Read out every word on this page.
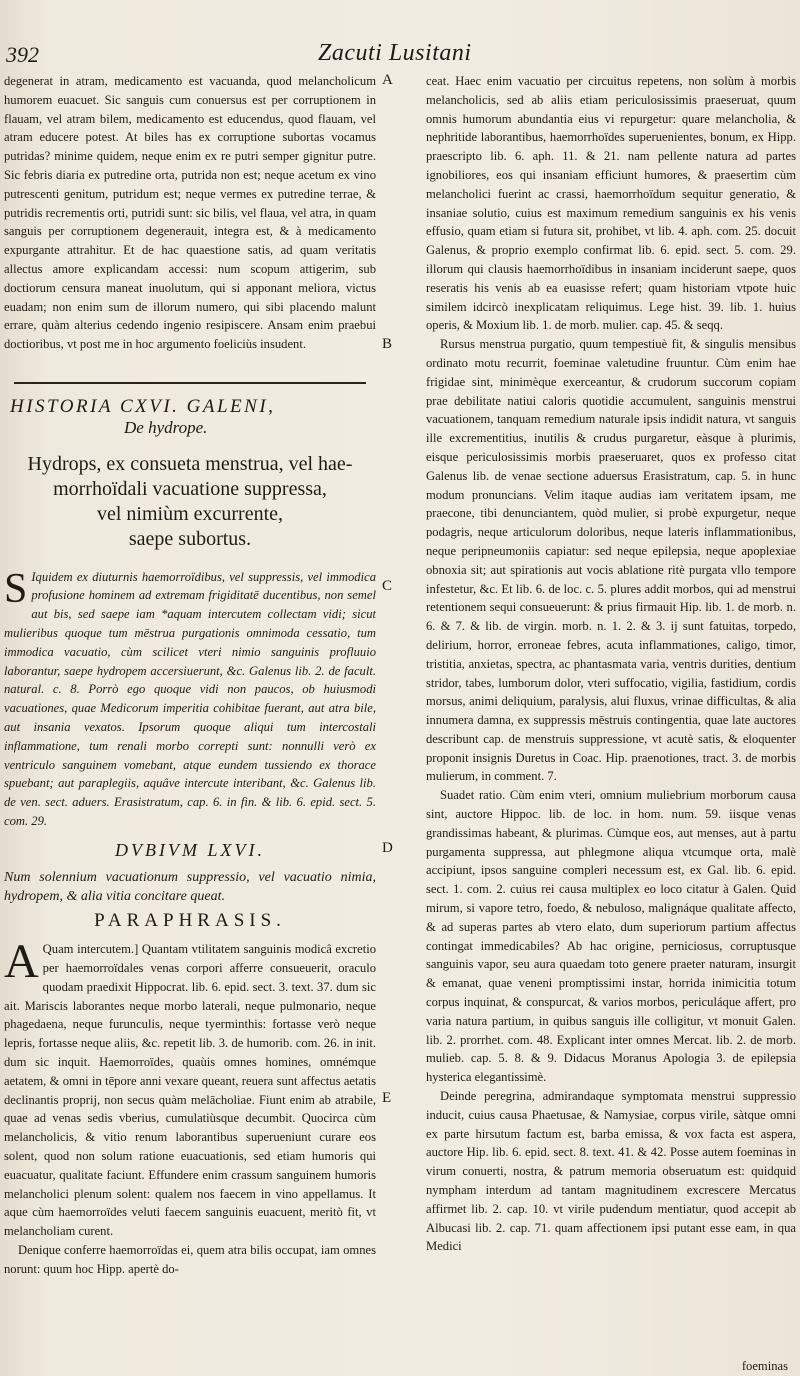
392	Zacuti Lusitani
A
B
C
D
E

degenerat in atram, medicamento est vacuanda, quod melancholicum humorem euacuet. Sic sanguis cum conuersus est per corruptionem in flauam, vel atram bilem, medicamento est educendus, quod flauam, vel atram educere potest. At biles has ex corruptione subortas vocamus putridas? minime quidem, neque enim ex re putri semper gignitur putre. Sic febris diaria ex putredine orta, putrida non est; neque acetum ex vino putrescenti genitum, putridum est; neque vermes ex putredine terrae, & putridis recrementis orti, putridi sunt: sic bilis, vel flaua, vel atra, in quam sanguis per corruptionem degenerauit, integra est, & à medicamento expurgante attrahitur. Et de hac quaestione satis, ad quam veritatis allectus amore explicandam accessi: num scopum attigerim, sub doctiorum censura maneat inuolutum, qui si apponant meliora, victus euadam; non enim sum de illorum numero, qui sibi placendo malunt errare, quàm alterius cedendo ingenio resipiscere. Ansam enim praebui doctioribus, vt post me in hoc argumento foeliciùs insudent.

HISTORIA CXVI. GALENI,
De hydrope.
Hydrops, ex consueta menstrua, vel hae-
morrhoïdali vacuatione suppressa,
vel nimiùm excurrente,
saepe subortus.
S Iquidem ex diuturnis haemorroïdibus, vel suppressis, vel immodica profusione hominem ad extremam frigiditatē ducentibus, non semel aut bis, sed saepe iam *aquam intercutem collectam vidi; sicut mulieribus quoque tum mēstrua purgationis omnimoda cessatio, tum immodica vacuatio, cùm scilicet vteri nimio sanguinis profluuio laborantur, saepe hydropem accersiuerunt, &c. Galenus lib. 2. de facult. natural. c. 8. Porrò ego quoque vidi non paucos, ob huiusmodi vacuationes, quae Medicorum imperitia cohibitae fuerant, aut atra bile, aut insania vexatos. Ipsorum quoque aliqui tum intercostali inflammatione, tum renali morbo correpti sunt: nonnulli verò ex ventriculo sanguinem vomebant, atque eundem tussiendo ex thorace spuebant; aut paraplegiis, aquâve intercute interibant, &c. Galenus lib. de ven. sect. aduers. Erasistratum, cap. 6. in fin. & lib. 6. epid. sect. 5. com. 29.

DVBIVM LXVI.

Num solennium vacuationum suppressio, vel vacuatio nimia, hydropem, & alia vitia concitare queat.

PARAPHRASIS.
A Quam intercutem.] Quantam vtilitatem sanguinis modicâ excretio per haemorroïdales venas corpori afferre consueuerit, oraculo quodam praedixit Hippocrat. lib. 6. epid. sect. 3. text. 37. dum sic ait. Mariscis laborantes neque morbo laterali, neque pulmonario, neque phagedaena, neque furunculis, neque tyerminthis: fortasse verò neque lepris, fortasse neque aliis, &c. repetit lib. 3. de humorib. com. 26. in init. dum sic inquit. Haemorroïdes, quaùis omnes homines, omnémque aetatem, & omni in tēpore anni vexare queant, reuera sunt affectus aetatis declinantis proprij, non secus quàm melācholiae. Fiunt enim ab atrabile, quae ad venas sedis vberius, cumulatiùsque decumbit. Quocirca cùm melancholicis, & vitio renum laborantibus superueniunt curare eos solent, quod non solum ratione euacuationis, sed etiam humoris qui euacuatur, qualitate faciunt. Effundere enim crassum sanguinem humoris melancholici plenum solent: qualem nos faecem in vino appellamus. It aque cùm haemorroïdes veluti faecem sanguinis euacuent, meritò fit, vt melancholiam curent.

Denique conferre haemorroïdas ei, quem atra bilis occupat, iam omnes norunt: quum hoc Hipp. apertè do-

ceat. Haec enim vacuatio per circuitus repetens, non solùm à morbis melancholicis, sed ab aliis etiam periculosissimis praeseruat, quum omnis humorum abundantia eius vi repurgetur: quare melancholia, & nephritide laborantibus, haemorrhoïdes superuenientes, bonum, ex Hipp. praescripto lib. 6. aph. 11. & 21. nam pellente natura ad partes ignobiliores, eos qui insaniam efficiunt humores, & praesertim cùm melancholici fuerint ac crassi, haemorrhoïdum sequitur generatio, & insaniae solutio, cuius est maximum remedium sanguinis ex his venis effusio, quam etiam si futura sit, prohibet, vt lib. 4. aph. com. 25. docuit Galenus, & proprio exemplo confirmat lib. 6. epid. sect. 5. com. 29. illorum qui clausis haemorrhoïdibus in insaniam inciderunt saepe, quos reseratis his venis ab ea euasisse refert; quam historiam vtpote huic similem idcircò inexplicatam reliquimus. Lege hist. 39. lib. 1. huius operis, & Moxium lib. 1. de morb. mulier. cap. 45. & seqq.

Rursus menstrua purgatio, quum tempestiuè fit, & singulis mensibus ordinato motu recurrit, foeminae valetudine fruuntur. Cùm enim hae frigidae sint, minimèque exerceantur, & crudorum succorum copiam prae debilitate natiui caloris quotidie accumulent, sanguinis menstrui vacuationem, tanquam remedium naturale ipsis indidit natura, vt sanguis ille excrementitius, inutilis & crudus purgaretur, eàsque à plurimis, eisque periculosissimis morbis praeseruaret, quos ex professo citat Galenus lib. de venae sectione aduersus Erasistratum, cap. 5. in hunc modum pronuncians. Velim itaque audias iam veritatem ipsam, me praecone, tibi denunciantem, quòd mulier, si probè expurgetur, neque podagris, neque articulorum doloribus, neque lateris inflammationibus, neque peripneumoniis capiatur: sed neque epilepsia, neque apoplexiae obnoxia sit; aut spirationis aut vocis ablatione ritè purgata vllo tempore infestetur, &c. Et lib. 6. de loc. c. 5. plures addit morbos, qui ad menstrui retentionem sequi consueuerunt: & prius firmauit Hip. lib. 1. de morb. n. 6. & 7. & lib. de virgin. morb. n. 1. 2. & 3. ij sunt fatuitas, torpedo, delirium, horror, erroneae febres, acuta inflammationes, caligo, timor, tristitia, anxietas, spectra, ac phantasmata varia, ventris durities, dentium stridor, tabes, lumborum dolor, vteri suffocatio, vigilia, fastidium, cordis morsus, animi deliquium, paralysis, alui fluxus, vrinae difficultas, & alia innumera damna, ex suppressis mēstruis contingentia, quae late auctores describunt cap. de menstruis suppressione, vt acutè satis, & eloquenter proponit insignis Duretus in Coac. Hip. praenotiones, tract. 3. de morbis mulierum, in comment. 7.

Suadet ratio. Cùm enim vteri, omnium muliebrium morborum causa sint, auctore Hippoc. lib. de loc. in hom. num. 59. iisque venas grandissimas habeant, & plurimas. Cùmque eos, aut menses, aut à partu purgamenta suppressa, aut phlegmone aliqua vtcumque orta, malè accipiunt, ipsos sanguine compleri necessum est, ex Gal. lib. 6. epid. sect. 1. com. 2. cuius rei causa multiplex eo loco citatur à Galen. Quid mirum, si vapore tetro, foedo, & nebuloso, malignáque qualitate affecto, & ad superas partes ab vtero elato, dum superiorum partium affectus contingat immedicabiles? Ab hac origine, perniciosus, corruptusque sanguinis vapor, seu aura quaedam toto genere praeter naturam, insurgit & emanat, quae veneni promptissimi instar, horrida inimicitia totum corpus inquinat, & conspurcat, & varios morbos, periculáque affert, pro varia natura partium, in quibus sanguis ille colligitur, vt monuit Galen. lib. 2. prorrhet. com. 48. Explicant inter omnes Mercat. lib. 2. de morb. mulieb. cap. 5. 8. & 9. Didacus Moranus Apologia 3. de epilepsia hysterica elegantissimè.

Deinde peregrina, admirandaque symptomata menstrui suppressio inducit, cuius causa Phaetusae, & Namysiae, corpus virile, sàtque omni ex parte hirsutum factum est, barba emissa, & vox facta est aspera, auctore Hip. lib. 6. epid. sect. 8. text. 41. & 42. Posse autem foeminas in virum conuerti, nostra, & patrum memoria obseruatum est: quidquid nympham interdum ad tantam magnitudinem excrescere Mercatus affirmet lib. 2. cap. 10. vt virile pudendum mentiatur, quod accepit ab Albucasi lib. 2. cap. 71. quam affectionem ipsi putant esse eam, in qua Medici

foeminas
